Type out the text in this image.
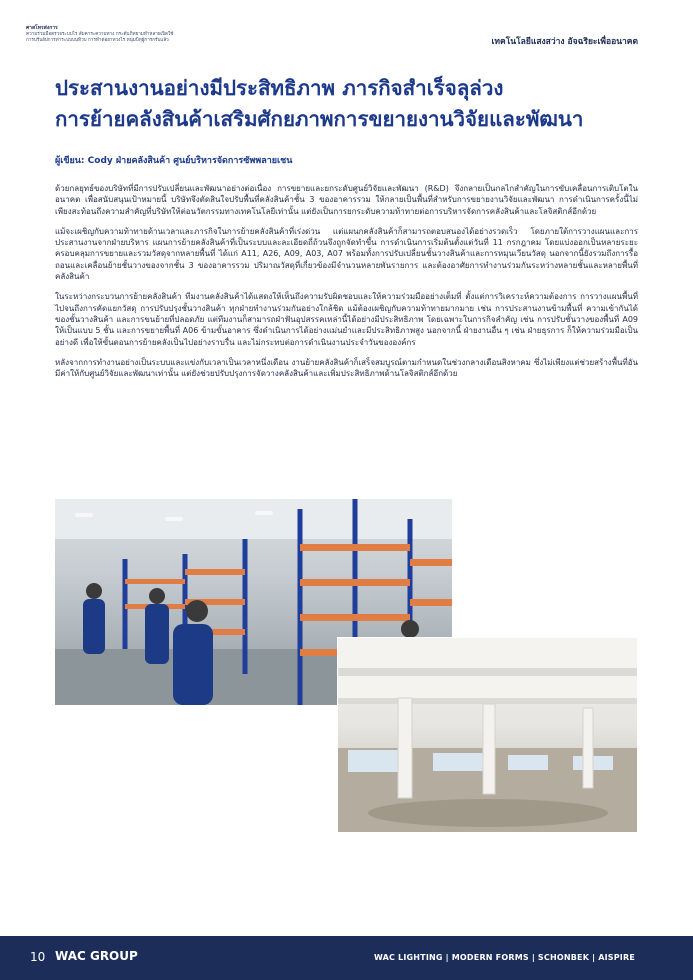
ศาสโทรส่งการ
ความร่วมมือตรวจระบบไร สัมคาระความทาง กระดับภิทยามทำหลายเปิดใช้
การปรับอัปการท่าระบบบนทิวบ การทำต่อยาทวงไร หนุ่มบิหุผู้การกรับแล้ว	เทคโนโลยีแสงสว่าง อัจฉริยะเพื่ออนาคต
ประสานงานอย่างมีประสิทธิภาพ ภารกิจสำเร็จลุล่วง
การย้ายคลังสินค้าเสริมศักยภาพการขยายงานวิจัยและพัฒนา
ผู้เขียน: Cody ฝ่ายคลังสินค้า ศูนย์บริหารจัดการซัพพลายเชน

ด้วยกลยุทธ์ของบริษัทที่มีการปรับเปลี่ยนและพัฒนาอย่างต่อเนื่อง การขยายและยกระดับศูนย์วิจัยและพัฒนา (R&D) จึงกลายเป็นกลไกสำคัญในการขับเคลื่อนการเติบโตในอนาคต เพื่อสนับสนุนเป้าหมายนี้ บริษัทจึงตัดสินใจปรับพื้นที่คลังสินค้าชั้น 3 ของอาคารรวม ให้กลายเป็นพื้นที่สำหรับการขยายงานวิจัยและพัฒนา การดำเนินการครั้งนี้ไม่เพียงสะท้อนถึงความสำคัญที่บริษัทให้ต่อนวัตกรรมทางเทคโนโลยีเท่านั้น แต่ยังเป็นการยกระดับความท้าทายต่อการบริหารจัดการคลังสินค้าและโลจิสติกส์อีกด้วย

แม้จะเผชิญกับความท้าทายด้านเวลาและภารกิจในการย้ายคลังสินค้าที่เร่งด่วน แต่แผนกคลังสินค้าก็สามารถตอบสนองได้อย่างรวดเร็ว โดยภายใต้การวางแผนและการประสานงานจากฝ่ายบริหาร แผนการย้ายคลังสินค้าที่เป็นระบบและละเอียดถี่ถ้วนจึงถูกจัดทำขึ้น การดำเนินการเริ่มต้นตั้งแต่วันที่ 11 กรกฎาคม โดยแบ่งออกเป็นหลายระยะ ครอบคลุมการขยายและรวมวัสดุจากหลายพื้นที่ ได้แก่ A11, A26, A09, A03, A07 พร้อมทั้งการปรับเปลี่ยนชั้นวางสินค้าและการหมุนเวียนวัสดุ นอกจากนี้ยังรวมถึงการรื้อถอนและเคลื่อนย้ายชั้นวางของจากชั้น 3 ของอาคารรวม ปริมาณวัสดุที่เกี่ยวข้องมีจำนวนหลายพันรายการ และต้องอาศัยการทำงานร่วมกันระหว่างหลายชั้นและหลายพื้นที่คลังสินค้า

ในระหว่างกระบวนการย้ายคลังสินค้า ทีมงานคลังสินค้าได้แสดงให้เห็นถึงความรับผิดชอบและให้ความร่วมมืออย่างเต็มที่ ตั้งแต่การวิเคราะห์ความต้องการ การวางแผนพื้นที่ ไปจนถึงการคัดแยกวัสดุ การปรับปรุงชั้นวางสินค้า ทุกฝ่ายทำงานร่วมกันอย่างใกล้ชิด แม้ต้องเผชิญกับความท้าทายมากมาย เช่น การประสานงานข้ามพื้นที่ ความเข้ากันได้ของชั้นวางสินค้า และการขนย้ายที่ปลอดภัย แต่ทีมงานก็สามารถฝ่าฟันอุปสรรคเหล่านี้ได้อย่างมีประสิทธิภาพ โดยเฉพาะในการกิจสำคัญ เช่น การปรับชั้นวางของพื้นที่ A09 ให้เป็นแบบ 5 ชั้น และการขยายพื้นที่ A06 ข้ามขั้นอาคาร ซึ่งดำเนินการได้อย่างแม่นยำและมีประสิทธิภาพสูง นอกจากนี้ ฝ่ายงานอื่น ๆ เช่น ฝ่ายธุรการ ก็ให้ความร่วมมือเป็นอย่างดี เพื่อให้ขั้นตอนการย้ายคลังเป็นไปอย่างราบรื่น และไม่กระทบต่อการดำเนินงานประจำวันขององค์กร

หลังจากการทำงานอย่างเป็นระบบและแข่งกับเวลาเป็นเวลาหนึ่งเดือน งานย้ายคลังสินค้าก็เสร็จสมบูรณ์ตามกำหนดในช่วงกลางเดือนสิงหาคม ซึ่งไม่เพียงแต่ช่วยสร้างพื้นที่อันมีค่าให้กับศูนย์วิจัยและพัฒนาเท่านั้น แต่ยังช่วยปรับปรุงการจัดวางคลังสินค้าและเพิ่มประสิทธิภาพด้านโลจิสติกส์อีกด้วย

10 WAC GROUP	WAC LIGHTING | MODERN FORMS | SCHONBEK | AISPIRE
